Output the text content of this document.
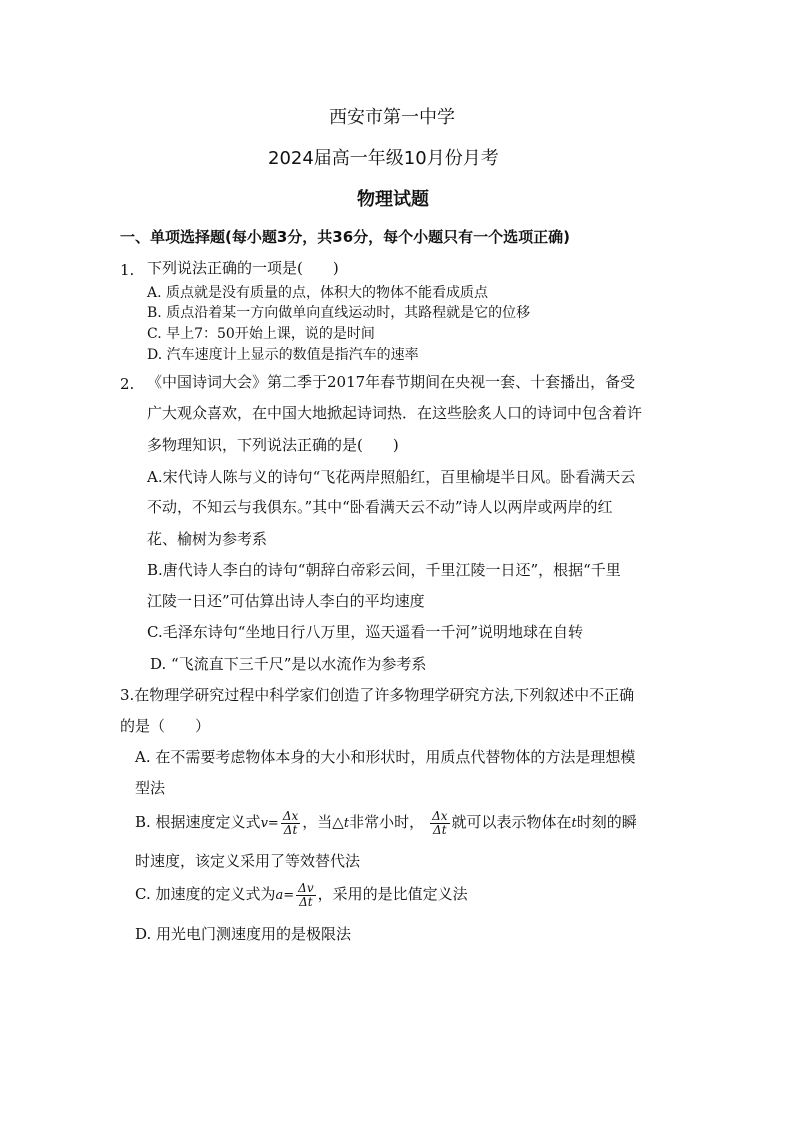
西安市第一中学
2024届高一年级10月份月考
物理试题
一、单项选择题(每小题3分，共36分，每个小题只有一个选项正确)
1. 下列说法正确的一项是(　　)
A. 质点就是没有质量的点，体积大的物体不能看成质点
B. 质点沿着某一方向做单向直线运动时，其路程就是它的位移
C. 早上7：50开始上课，说的是时间
D. 汽车速度计上显示的数值是指汽车的速率
2. 《中国诗词大会》第二季于2017年春节期间在央视一套、十套播出，备受
广大观众喜欢，在中国大地掀起诗词热．在这些脍炙人口的诗词中包含着许
多物理知识，下列说法正确的是(　　)
A.宋代诗人陈与义的诗句“飞花两岸照船红，百里榆堤半日风。卧看满天云
不动，不知云与我俱东。”其中“卧看满天云不动”诗人以两岸或两岸的红
花、榆树为参考系
B.唐代诗人李白的诗句“朝辞白帝彩云间，千里江陵一日还”，根据“千里
江陵一日还”可估算出诗人李白的平均速度
C.毛泽东诗句“坐地日行八万里，巡天遥看一千河”说明地球在自转
D. “飞流直下三千尺”是以水流作为参考系
3.在物理学研究过程中科学家们创造了许多物理学研究方法,下列叙述中不正确
的是（　　）
A. 在不需要考虑物体本身的大小和形状时，用质点代替物体的方法是理想模
型法
B. 根据速度定义式$v= \frac{\Delta x}{\Delta t}$ ，当△t非常小时， $\frac{\Delta x}{\Delta t}$ 就可以表示物体在t时刻的瞬
时速度，该定义采用了等效替代法
C. 加速度的定义式为$a= \frac{\Delta v}{\Delta t}$ ，采用的是比值定义法
D. 用光电门测速度用的是极限法
